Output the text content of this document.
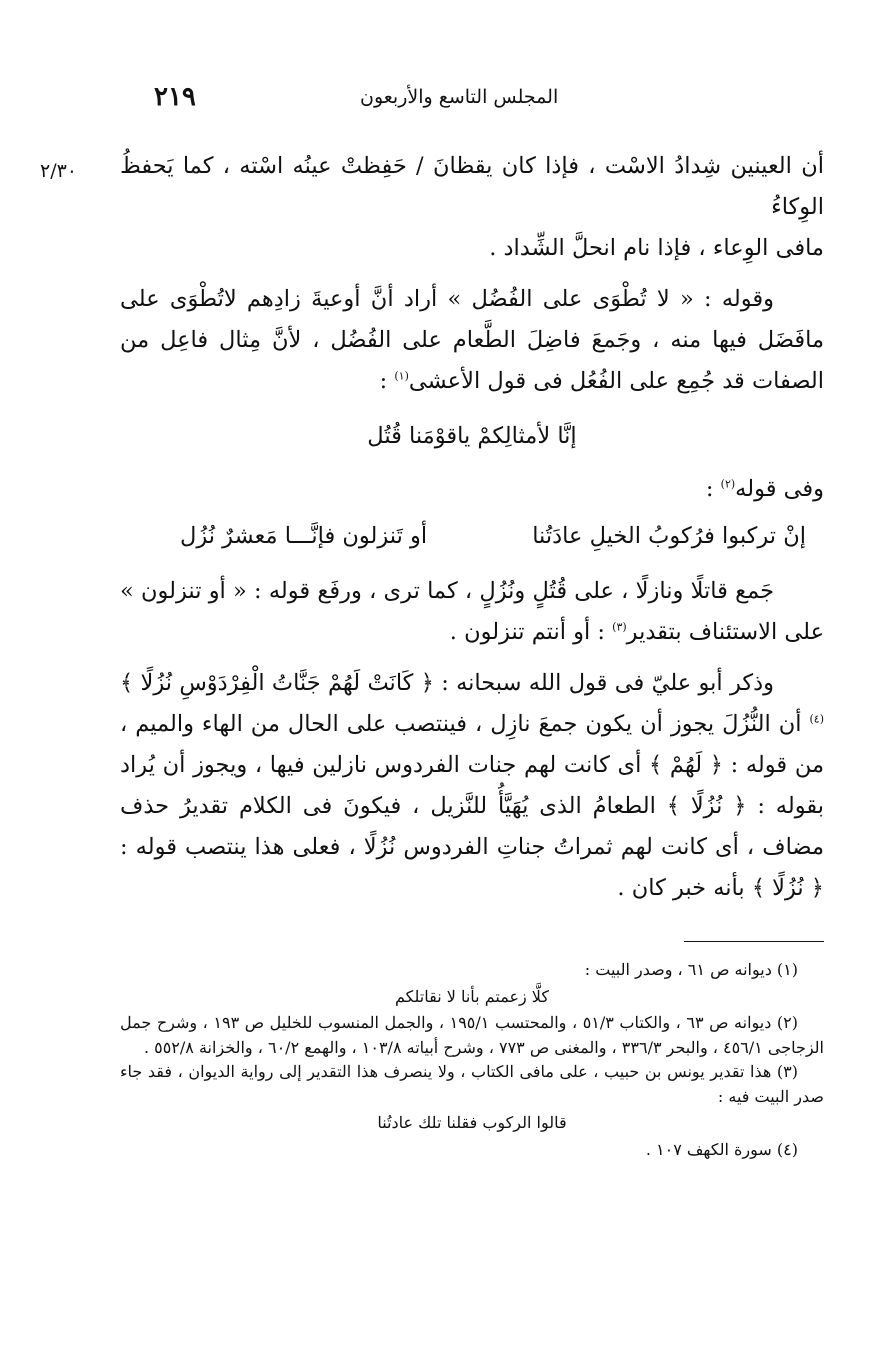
٢١٩	المجلس التاسع والأربعون
٢/٣٠ أن العينين شِدادُ الاسْت ، فإذا كان يقظانَ / حَفِظتْ عينُه اسْته ، كما يَحفظُ الوِكاءُ

مافى الوِعاء ، فإذا نام انحلَّ الشِّداد .

وقوله : « لا تُطْوَى على الفُضُل » أراد أنَّ أوعيةَ زادِهم لاتُطْوَى على مافَضَل فيها منه ، وجَمعَ فاضِلَ الطَّعام على الفُضُل ، لأنَّ مِثال فاعِل من الصفات قد جُمِع على الفُعُل فى قول الأعشى$^{(١)}$ :

إنَّا لأمثالِكمْ ياقوْمَنا قُتُل

وفى قوله$^{(٢)}$ :

إنْ تركبوا فرُكوبُ الخيلِ عادَتُنا
أو تَنزلون فإنَّـــا مَعشرٌ نُزُل

جَمع قاتلًا ونازلًا ، على قُتُلٍ ونُزُلٍ ، كما ترى ، ورفَع قوله : « أو تنزلون » على الاستئناف بتقدير$^{(٣)}$ : أو أنتم تنزلون .

وذكر أبو عليّ فى قول الله سبحانه : ﴿ كَانَتْ لَهُمْ جَنَّاتُ الْفِرْدَوْسِ نُزُلًا ﴾$^{(٤)}$ أن النُّزُلَ يجوز أن يكون جمعَ نازِل ، فينتصب على الحال من الهاء والميم ، من قوله : ﴿ لَهُمْ ﴾ أى كانت لهم جنات الفردوس نازلين فيها ، ويجوز أن يُراد بقوله : ﴿ نُزُلًا ﴾ الطعامُ الذى يُهَيَّأُ للنَّزيل ، فيكونَ فى الكلام تقديرُ حذف مضاف ، أى كانت لهم ثمراتُ جناتِ الفردوس نُزُلًا ، فعلى هذا ينتصب قوله : ﴿ نُزُلًا ﴾ بأنه خبر كان .

(١) ديوانه ص ٦١ ، وصدر البيت :

كلَّا زعمتم بأنا لا نقاتلكم

(٢) ديوانه ص ٦٣ ، والكتاب ٥١/٣ ، والمحتسب ١٩٥/١ ، والجمل المنسوب للخليل ص ١٩٣ ، وشرح جمل الزجاجى ٤٥٦/١ ، والبحر ٣٣٦/٣ ، والمغنى ص ٧٧٣ ، وشرح أبياته ١٠٣/٨ ، والهمع ٦٠/٢ ، والخزانة ٥٥٢/٨ .

(٣) هذا تقدير يونس بن حبيب ، على مافى الكتاب ، ولا ينصرف هذا التقدير إلى رواية الديوان ، فقد جاء صدر البيت فيه :

قالوا الركوب فقلنا تلك عادتُنا

(٤) سورة الكهف ١٠٧ .
